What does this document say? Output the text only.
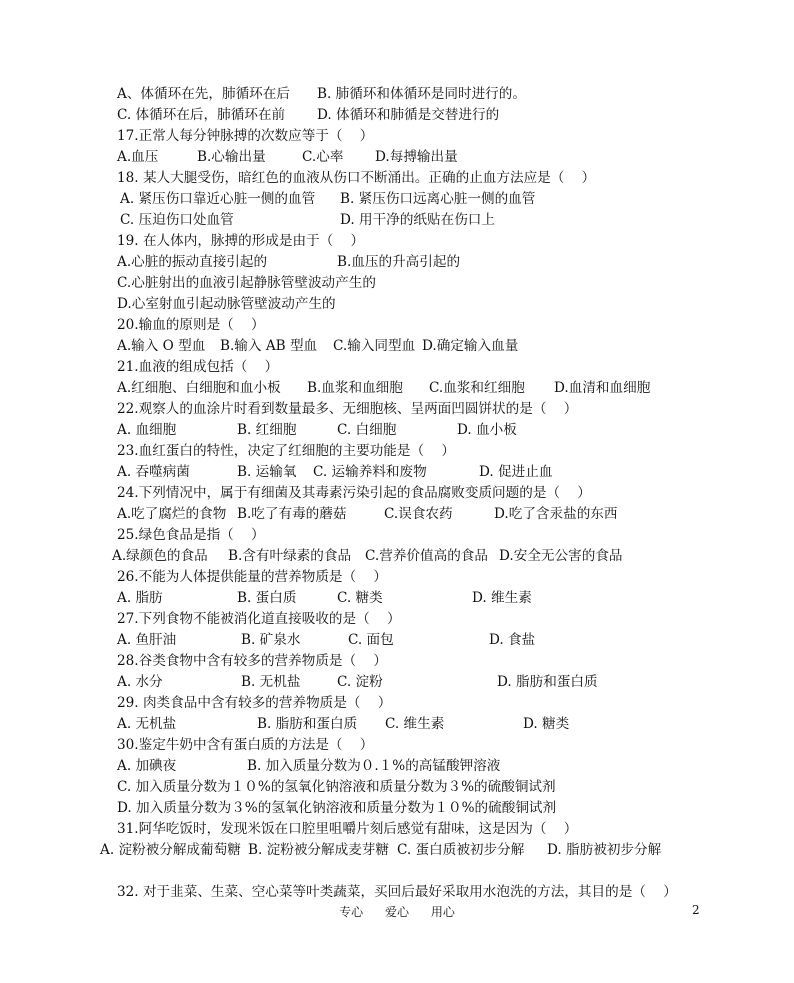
A、体循环在先，肺循环在后 B. 肺循环和体循环是同时进行的。
C. 体循环在后，肺循环在前 D. 体循环和肺循是交替进行的
17.正常人每分钟脉搏的次数应等于（    ）
A.血压	B.心输出量	C.心率 D.每搏输出量
18. 某人大腿受伤，暗红色的血液从伤口不断涌出。正确的止血方法应是（    ）
A. 紧压伤口靠近心脏一侧的血管 B. 紧压伤口远离心脏一侧的血管
C. 压迫伤口处血管	D. 用干净的纸贴在伤口上
19. 在人体内，脉搏的形成是由于（    ）
A.心脏的振动直接引起的	B.血压的升高引起的
C.心脏射出的血液引起静脉管壁波动产生的
D.心室射血引起动脉管壁波动产生的
20.输血的原则是（    ）
A.输入 O 型血 B.输入 AB 型血 C.输入同型血 D.确定输入血量
21.血液的组成包括（    ）
A.红细胞、白细胞和血小板 B.血浆和血细胞 C.血浆和红细胞 D.血清和血细胞
22.观察人的血涂片时看到数量最多、无细胞核、呈两面凹圆饼状的是（    ）
A. 血细胞	B. 红细胞	C. 白细胞	D. 血小板
23.血红蛋白的特性，决定了红细胞的主要功能是（    ）
A. 吞噬病菌	B. 运输氧 C. 运输养料和废物	D. 促进止血
24.下列情况中，属于有细菌及其毒素污染引起的食品腐败变质问题的是（    ）
A.吃了腐烂的食物 B.吃了有毒的蘑菇	C.误食农药	D.吃了含汞盐的东西
25.绿色食品是指（    ）
A.绿颜色的食品 B.含有叶绿素的食品 C.营养价值高的食品 D.安全无公害的食品
26.不能为人体提供能量的营养物质是（    ）
A. 脂肪	B. 蛋白质	C. 糖类	D. 维生素
27.下列食物不能被消化道直接吸收的是（    ）
A. 鱼肝油	B. 矿泉水	C. 面包	D. 食盐
28.谷类食物中含有较多的营养物质是（    ）
A. 水分	B. 无机盐	C. 淀粉	D. 脂肪和蛋白质
29. 肉类食品中含有较多的营养物质是（    ）
A. 无机盐	B. 脂肪和蛋白质 C. 维生素	D. 糖类
30.鉴定牛奶中含有蛋白质的方法是（    ）
A. 加碘夜	B. 加入质量分数为０.１%的高锰酸钾溶液
C. 加入质量分数为１０%的氢氧化钠溶液和质量分数为３%的硫酸铜试剂
D. 加入质量分数为３%的氢氧化钠溶液和质量分数为１０%的硫酸铜试剂
31.阿华吃饭时，发现米饭在口腔里咀嚼片刻后感觉有甜味，这是因为（    ）
A. 淀粉被分解成葡萄糖 B. 淀粉被分解成麦芽糖 C. 蛋白质被初步分解 D. 脂肪被初步分解
32. 对于韭菜、生菜、空心菜等叶类蔬菜，买回后最好采取用水泡洗的方法，其目的是（    ）
专心 爱心 用心	2
